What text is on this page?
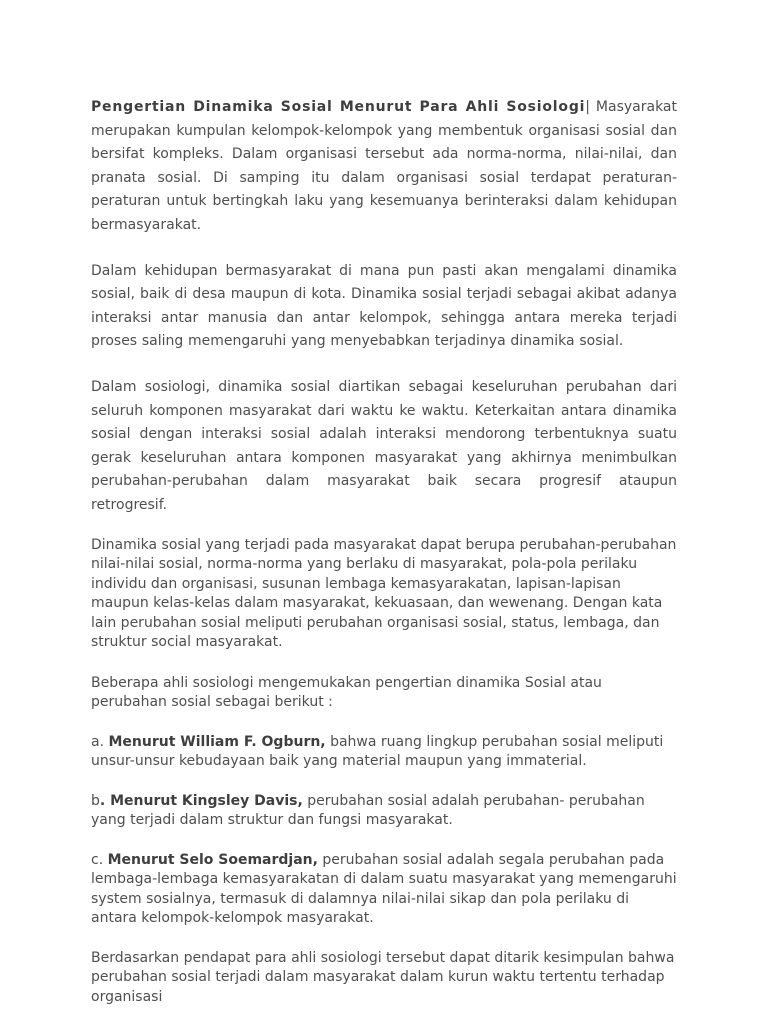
Pengertian Dinamika Sosial Menurut Para Ahli Sosiologi| Masyarakat merupakan kumpulan kelompok-kelompok yang membentuk organisasi sosial dan bersifat kompleks. Dalam organisasi tersebut ada norma-norma, nilai-nilai, dan pranata sosial. Di samping itu dalam organisasi sosial terdapat peraturan-peraturan untuk bertingkah laku yang kesemuanya berinteraksi dalam kehidupan bermasyarakat.

Dalam kehidupan bermasyarakat di mana pun pasti akan mengalami dinamika sosial, baik di desa maupun di kota. Dinamika sosial terjadi sebagai akibat adanya interaksi antar manusia dan antar kelompok, sehingga antara mereka terjadi proses saling memengaruhi yang menyebabkan terjadinya dinamika sosial.

Dalam sosiologi, dinamika sosial diartikan sebagai keseluruhan perubahan dari seluruh komponen masyarakat dari waktu ke waktu. Keterkaitan antara dinamika sosial dengan interaksi sosial adalah interaksi mendorong terbentuknya suatu gerak keseluruhan antara komponen masyarakat yang akhirnya menimbulkan perubahan-perubahan dalam masyarakat baik secara progresif ataupun retrogresif.

Dinamika sosial yang terjadi pada masyarakat dapat berupa perubahan-perubahan nilai-nilai sosial, norma-norma yang berlaku di masyarakat, pola-pola perilaku individu dan organisasi, susunan lembaga kemasyarakatan, lapisan-lapisan maupun kelas-kelas dalam masyarakat, kekuasaan, dan wewenang. Dengan kata lain perubahan sosial meliputi perubahan organisasi sosial, status, lembaga, dan struktur social masyarakat.

Beberapa ahli sosiologi mengemukakan pengertian dinamika Sosial atau perubahan sosial sebagai berikut :

a. Menurut William F. Ogburn, bahwa ruang lingkup perubahan sosial meliputi unsur-unsur kebudayaan baik yang material maupun yang immaterial.

b. Menurut Kingsley Davis, perubahan sosial adalah perubahan- perubahan yang terjadi dalam struktur dan fungsi masyarakat.

c. Menurut Selo Soemardjan, perubahan sosial adalah segala perubahan pada lembaga-lembaga kemasyarakatan di dalam suatu masyarakat yang memengaruhi system sosialnya, termasuk di dalamnya nilai-nilai sikap dan pola perilaku di antara kelompok-kelompok masyarakat.

Berdasarkan pendapat para ahli sosiologi tersebut dapat ditarik kesimpulan bahwa perubahan sosial terjadi dalam masyarakat dalam kurun waktu tertentu terhadap organisasi
